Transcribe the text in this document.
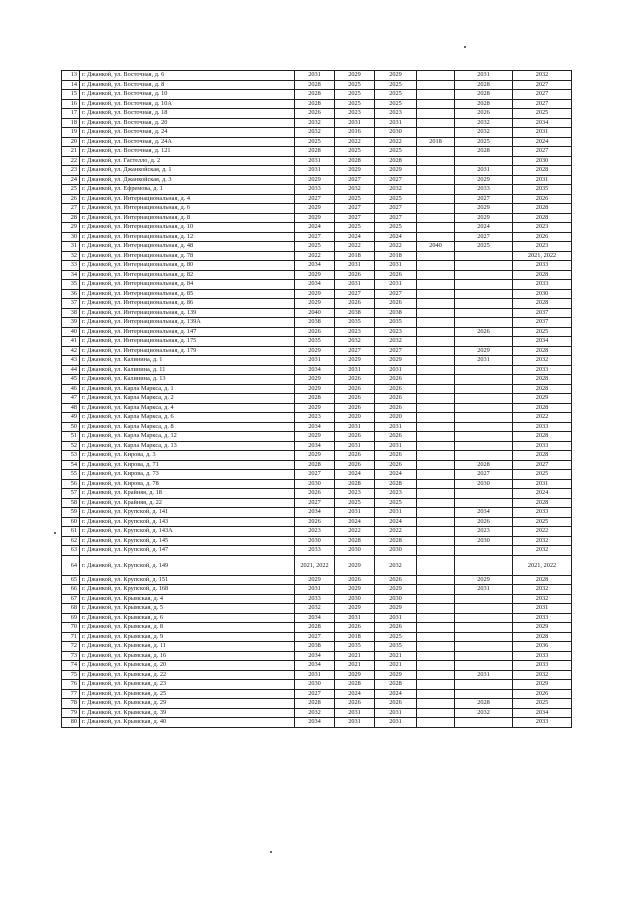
13	г. Джанкой, ул. Восточная, д. 6	2031	2029	2029		2031	2032
14	г. Джанкой, ул. Восточная, д. 8	2028	2025	2025		2028	2027
15	г. Джанкой, ул. Восточная, д. 10	2028	2025	2025		2028	2027
16	г. Джанкой, ул. Восточная, д. 10А	2028	2025	2025		2028	2027
17	г. Джанкой, ул. Восточная, д. 18	2026	2023	2023		2026	2025
18	г. Джанкой, ул. Восточная, д. 20	2032	2031	2031		2032	2034
19	г. Джанкой, ул. Восточная, д. 24	2032	2016	2030		2032	2031
20	г. Джанкой, ул. Восточная, д. 24А	2025	2022	2022	2018	2025	2024
21	г. Джанкой, ул. Восточная, д. 121	2028	2025	2025		2028	2027
22	г. Джанкой, ул. Гастелло, д. 2	2031	2028	2028			2030
23	г. Джанкой, ул. Джанкойская, д. 1	2031	2029	2029		2031	2028
24	г. Джанкой, ул. Джанкойская, д. 3	2029	2027	2027		2029	2031
25	г. Джанкой, ул. Ефремова, д. 1	2033	2032	2032		2033	2035
26	г. Джанкой, ул. Интернациональная, д. 4	2027	2025	2025		2027	2026
27	г. Джанкой, ул. Интернациональная, д. 6	2029	2027	2027		2029	2028
28	г. Джанкой, ул. Интернациональная, д. 8	2029	2027	2027		2029	2028
29	г. Джанкой, ул. Интернациональная, д. 10	2024	2025	2025		2024	2023
30	г. Джанкой, ул. Интернациональная, д. 12	2027	2024	2024		2027	2026
31	г. Джанкой, ул. Интернациональная, д. 48	2025	2022	2022	2040	2025	2023
32	г. Джанкой, ул. Интернациональная, д. 78	2022	2018	2018			2021, 2022
33	г. Джанкой, ул. Интернациональная, д. 80	2034	2031	2031			2033
34	г. Джанкой, ул. Интернациональная, д. 82	2029	2026	2026			2028
35	г. Джанкой, ул. Интернациональная, д. 84	2034	2031	2031			2033
36	г. Джанкой, ул. Интернациональная, д. 85	2029	2027	2027			2030
37	г. Джанкой, ул. Интернациональная, д. 86	2029	2026	2026			2028
38	г. Джанкой, ул. Интернациональная, д. 139	2040	2038	2038			2037
39	г. Джанкой, ул. Интернациональная, д. 139А	2038	2035	2035			2037
40	г. Джанкой, ул. Интернациональная, д. 147	2026	2023	2023		2026	2025
41	г. Джанкой, ул. Интернациональная, д. 175	2035	2032	2032			2034
42	г. Джанкой, ул. Интернациональная, д. 179	2029	2027	2027		2029	2028
43	г. Джанкой, ул. Калинина, д. 1	2031	2029	2029		2031	2032
44	г. Джанкой, ул. Калинина, д. 11	2034	2031	2031			2033
45	г. Джанкой, ул. Калинина, д. 13	2029	2026	2026			2028
46	г. Джанкой, ул. Карла Маркса, д. 1	2029	2026	2026			2028
47	г. Джанкой, ул. Карла Маркса, д. 2	2028	2026	2026			2029
48	г. Джанкой, ул. Карла Маркса, д. 4	2029	2026	2026			2028
49	г. Джанкой, ул. Карла Маркса, д. 6	2023	2020	2020			2022
50	г. Джанкой, ул. Карла Маркса, д. 8	2034	2031	2031			2033
51	г. Джанкой, ул. Карла Маркса, д. 12	2029	2026	2026			2028
52	г. Джанкой, ул. Карла Маркса, д. 13	2034	2031	2031			2033
53	г. Джанкой, ул. Кирова, д. 3	2029	2026	2026			2028
54	г. Джанкой, ул. Кирова, д. 71	2028	2026	2026		2028	2027
55	г. Джанкой, ул. Кирова, д. 73	2027	2024	2024		2027	2025
56	г. Джанкой, ул. Кирова, д. 78	2030	2028	2028		2030	2031
57	г. Джанкой, ул. Крайняя, д. 18	2026	2023	2023			2024
58	г. Джанкой, ул. Крайняя, д. 22	2027	2025	2025			2028
59	г. Джанкой, ул. Крупской, д. 141	2034	2031	2031		2034	2033
60	г. Джанкой, ул. Крупской, д. 143	2026	2024	2024		2026	2025
61	г. Джанкой, ул. Крупской, д. 143А	2023	2022	2022		2023	2022
62	г. Джанкой, ул. Крупской, д. 145	2030	2028	2028		2030	2032
63	г. Джанкой, ул. Крупской, д. 147	2033	2030	2030			2032
64	г. Джанкой, ул. Крупской, д. 149	2021, 2022	2029	2032			2021, 2022
65	г. Джанкой, ул. Крупской, д. 151	2029	2026	2026		2029	2028
66	г. Джанкой, ул. Крупской, д. 168	2031	2029	2029		2031	2032
67	г. Джанкой, ул. Крымская, д. 4	2033	2030	2030			2032
68	г. Джанкой, ул. Крымская, д. 5	2032	2029	2029			2031
69	г. Джанкой, ул. Крымская, д. 6	2034	2031	2031			2033
70	г. Джанкой, ул. Крымская, д. 8	2028	2026	2026			2029
71	г. Джанкой, ул. Крымская, д. 9	2027	2018	2025			2028
72	г. Джанкой, ул. Крымская, д. 11	2038	2035	2035			2036
73	г. Джанкой, ул. Крымская, д. 16	2034	2021	2021			2033
74	г. Джанкой, ул. Крымская, д. 20	2034	2021	2021			2033
75	г. Джанкой, ул. Крымская, д. 22	2031	2029	2029		2031	2032
76	г. Джанкой, ул. Крымская, д. 23	2030	2028	2028			2029
77	г. Джанкой, ул. Крымская, д. 25	2027	2024	2024			2026
78	г. Джанкой, ул. Крымская, д. 29	2028	2026	2026		2028	2025
79	г. Джанкой, ул. Крымская, д. 39	2032	2031	2031		2032	2034
80	г. Джанкой, ул. Крымская, д. 40	2034	2031	2031			2033
